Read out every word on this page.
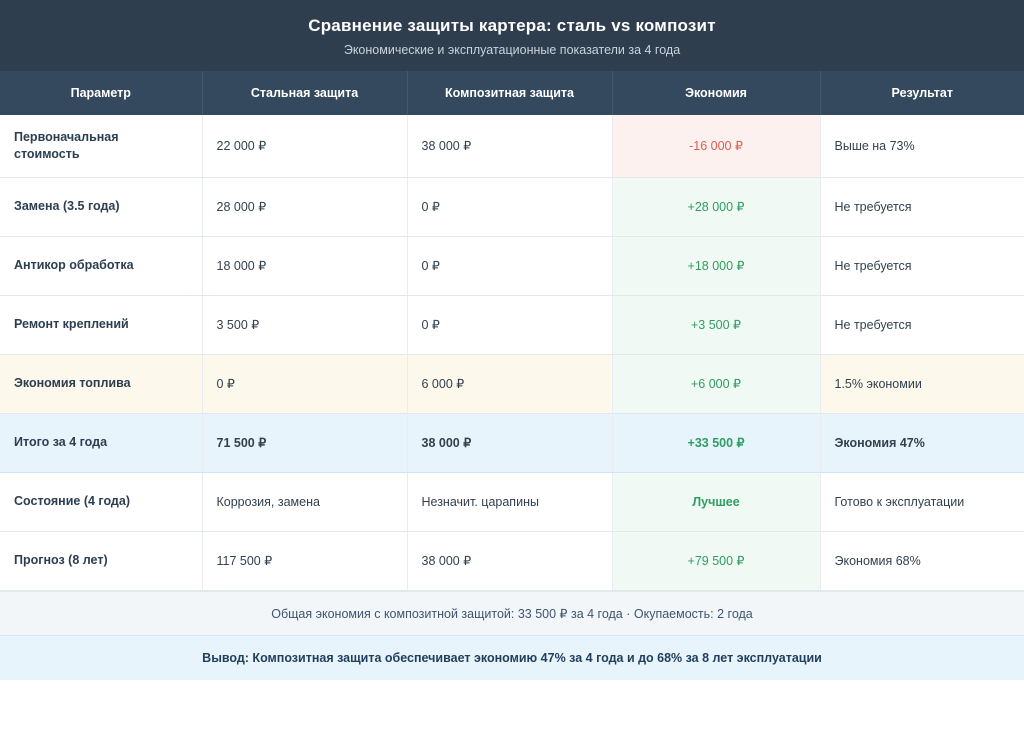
Сравнение защиты картера: сталь vs композит
Экономические и эксплуатационные показатели за 4 года
Параметр	Стальная защита	Композитная защита	Экономия	Результат
Первоначальная стоимость	22 000 ₽	38 000 ₽	-16 000 ₽	Выше на 73%
Замена (3.5 года)	28 000 ₽	0 ₽	+28 000 ₽	Не требуется
Антикор обработка	18 000 ₽	0 ₽	+18 000 ₽	Не требуется
Ремонт креплений	3 500 ₽	0 ₽	+3 500 ₽	Не требуется
Экономия топлива	0 ₽	6 000 ₽	+6 000 ₽	1.5% экономии
Итого за 4 года	71 500 ₽	38 000 ₽	+33 500 ₽	Экономия 47%
Состояние (4 года)	Коррозия, замена	Незначит. царапины	Лучшее	Готово к эксплуатации
Прогноз (8 лет)	117 500 ₽	38 000 ₽	+79 500 ₽	Экономия 68%
Общая экономия с композитной защитой: 33 500 ₽ за 4 года · Окупаемость: 2 года
Вывод: Композитная защита обеспечивает экономию 47% за 4 года и до 68% за 8 лет эксплуатации
